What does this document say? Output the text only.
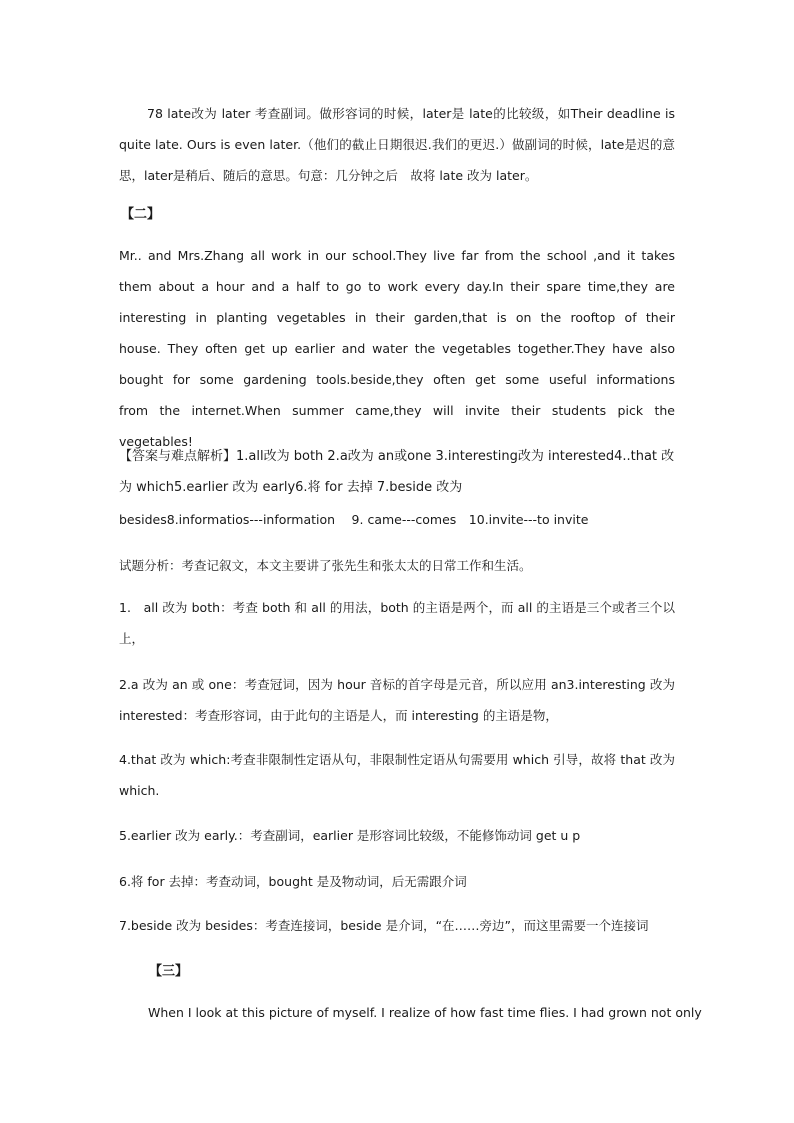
78 late改为 later 考查副词。做形容词的时候，later是 late的比较级，如Their deadline is quite late. Ours is even later.（他们的截止日期很迟.我们的更迟.）做副词的时候，late是迟的意思，later是稍后、随后的意思。句意：几分钟之后　故将 late 改为 later。

【二】

Mr.. and Mrs.Zhang all work in our school.They live far from the school ,and it takes them about a hour and a half to go to work every day.In their spare time,they are interesting in planting vegetables in their garden,that is on the rooftop of their house. They often get up earlier and water the vegetables together.They have also bought for some gardening tools.beside,they often get some useful informations from the internet.When summer came,they will invite their students pick the vegetables!

【答案与难点解析】1.all改为 both 2.a改为 an或one 3.interesting改为 interested4..that 改为 which5.earlier 改为 early6.将 for 去掉 7.beside 改为

besides8.informatios---information　 9. came---comes　10.invite---to invite

试题分析：考查记叙文，本文主要讲了张先生和张太太的日常工作和生活。

1.　all 改为 both：考查 both 和 all 的用法，both 的主语是两个，而 all 的主语是三个或者三个以上，

2.a 改为 an 或 one：考查冠词，因为 hour 音标的首字母是元音，所以应用 an3.interesting 改为 interested：考查形容词，由于此句的主语是人，而 interesting 的主语是物，

4.that 改为 which:考查非限制性定语从句，非限制性定语从句需要用 which 引导，故将 that 改为 which.

5.earlier 改为 early.：考查副词，earlier 是形容词比较级，不能修饰动词 get u p

6.将 for 去掉：考查动词，bought 是及物动词，后无需跟介词

7.beside 改为 besides：考查连接词，beside 是介词，“在……旁边”，而这里需要一个连接词

【三】

When I look at this picture of myself. I realize of how fast time flies. I had grown not only
